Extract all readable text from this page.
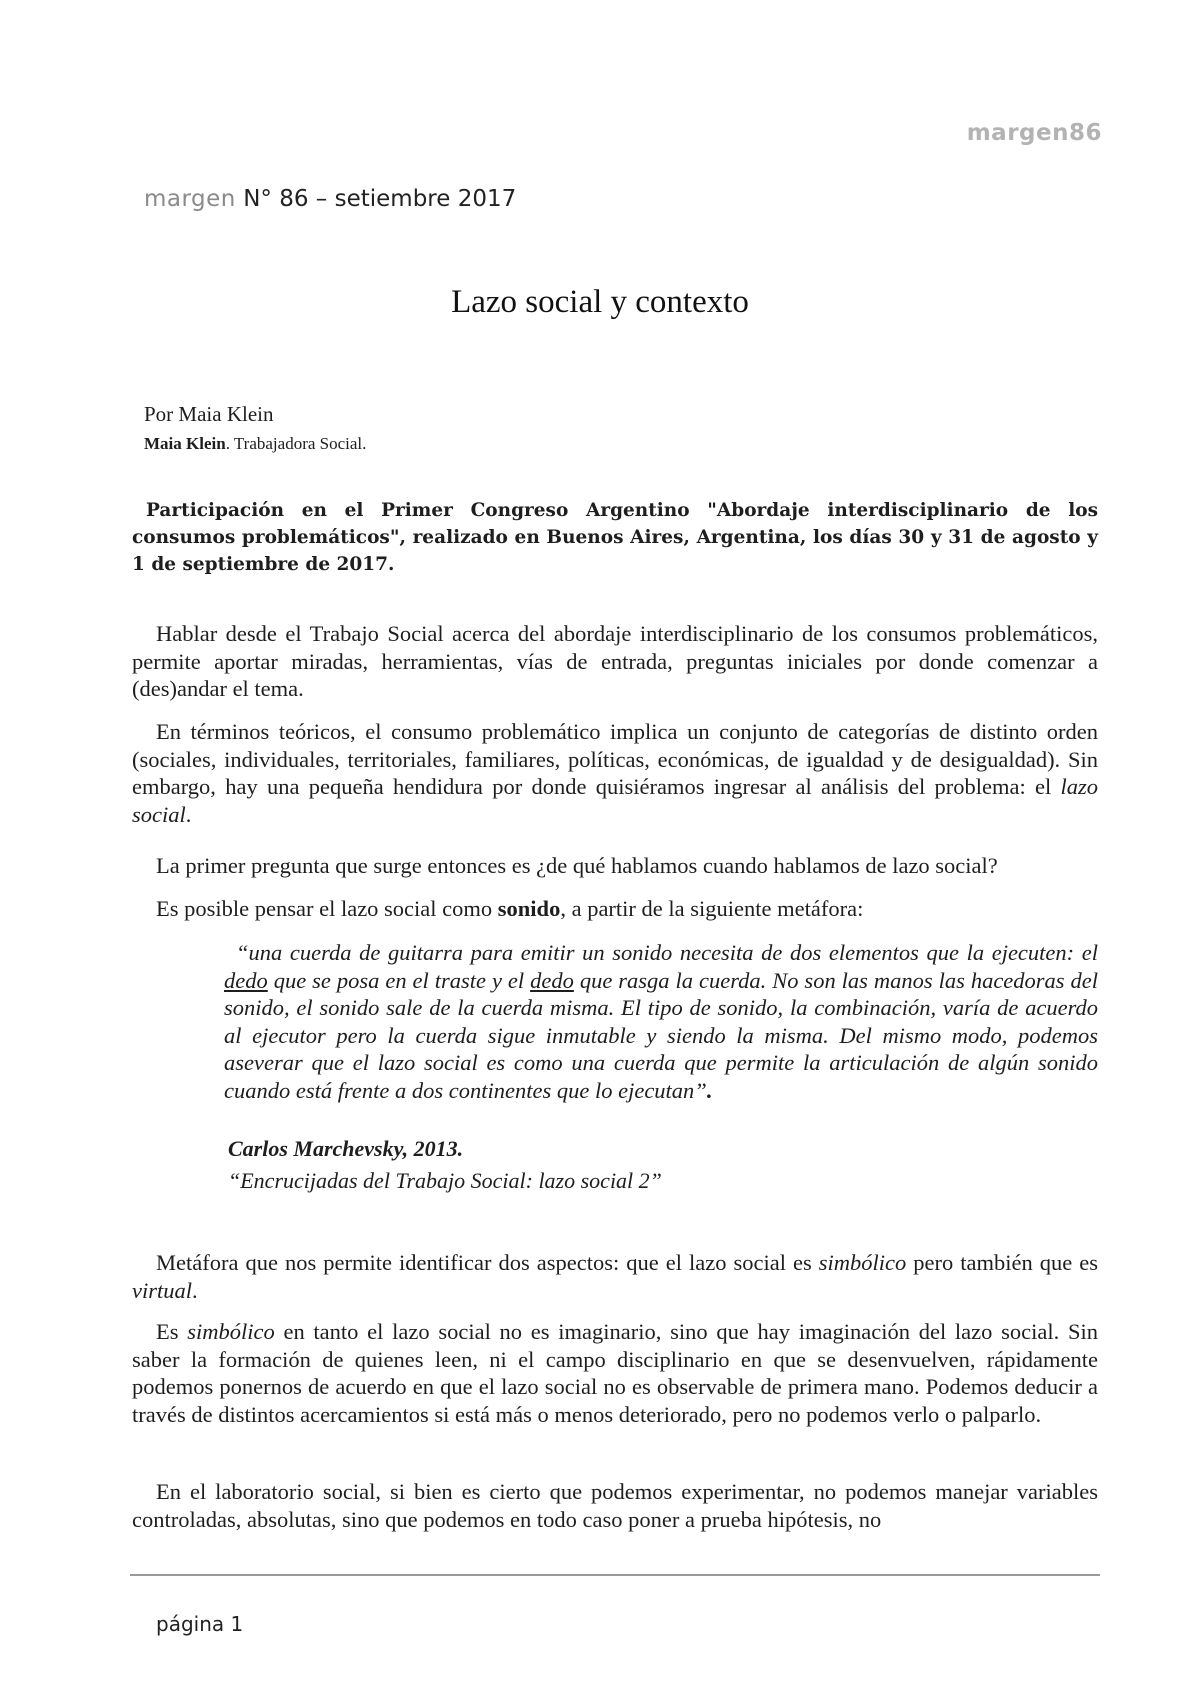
margen86
margen N° 86 – setiembre 2017
Lazo social y contexto
Por Maia Klein
Maia Klein. Trabajadora Social.
Participación en el Primer Congreso Argentino "Abordaje interdisciplinario de los consumos problemáticos", realizado en Buenos Aires, Argentina, los días 30 y 31 de agosto y 1 de septiembre de 2017.

Hablar desde el Trabajo Social acerca del abordaje interdisciplinario de los consumos problemáticos, permite aportar miradas, herramientas, vías de entrada, preguntas iniciales por donde comenzar a (des)andar el tema.

En términos teóricos, el consumo problemático implica un conjunto de categorías de distinto orden (sociales, individuales, territoriales, familiares, políticas, económicas, de igualdad y de desigualdad). Sin embargo, hay una pequeña hendidura por donde quisiéramos ingresar al análisis del problema: el lazo social.

La primer pregunta que surge entonces es ¿de qué hablamos cuando hablamos de lazo social?

Es posible pensar el lazo social como sonido, a partir de la siguiente metáfora:

“una cuerda de guitarra para emitir un sonido necesita de dos elementos que la ejecuten: el dedo que se posa en el traste y el dedo que rasga la cuerda. No son las manos las hacedoras del sonido, el sonido sale de la cuerda misma. El tipo de sonido, la combinación, varía de acuerdo al ejecutor pero la cuerda sigue inmutable y siendo la misma. Del mismo modo, podemos aseverar que el lazo social es como una cuerda que permite la articulación de algún sonido cuando está frente a dos continentes que lo ejecutan”.

Carlos Marchevsky, 2013.
“Encrucijadas del Trabajo Social: lazo social 2”

Metáfora que nos permite identificar dos aspectos: que el lazo social es simbólico pero también que es virtual.

Es simbólico en tanto el lazo social no es imaginario, sino que hay imaginación del lazo social. Sin saber la formación de quienes leen, ni el campo disciplinario en que se desenvuelven, rápidamente podemos ponernos de acuerdo en que el lazo social no es observable de primera mano. Podemos deducir a través de distintos acercamientos si está más o menos deteriorado, pero no podemos verlo o palparlo.

En el laboratorio social, si bien es cierto que podemos experimentar, no podemos manejar variables controladas, absolutas, sino que podemos en todo caso poner a prueba hipótesis, no

página 1
